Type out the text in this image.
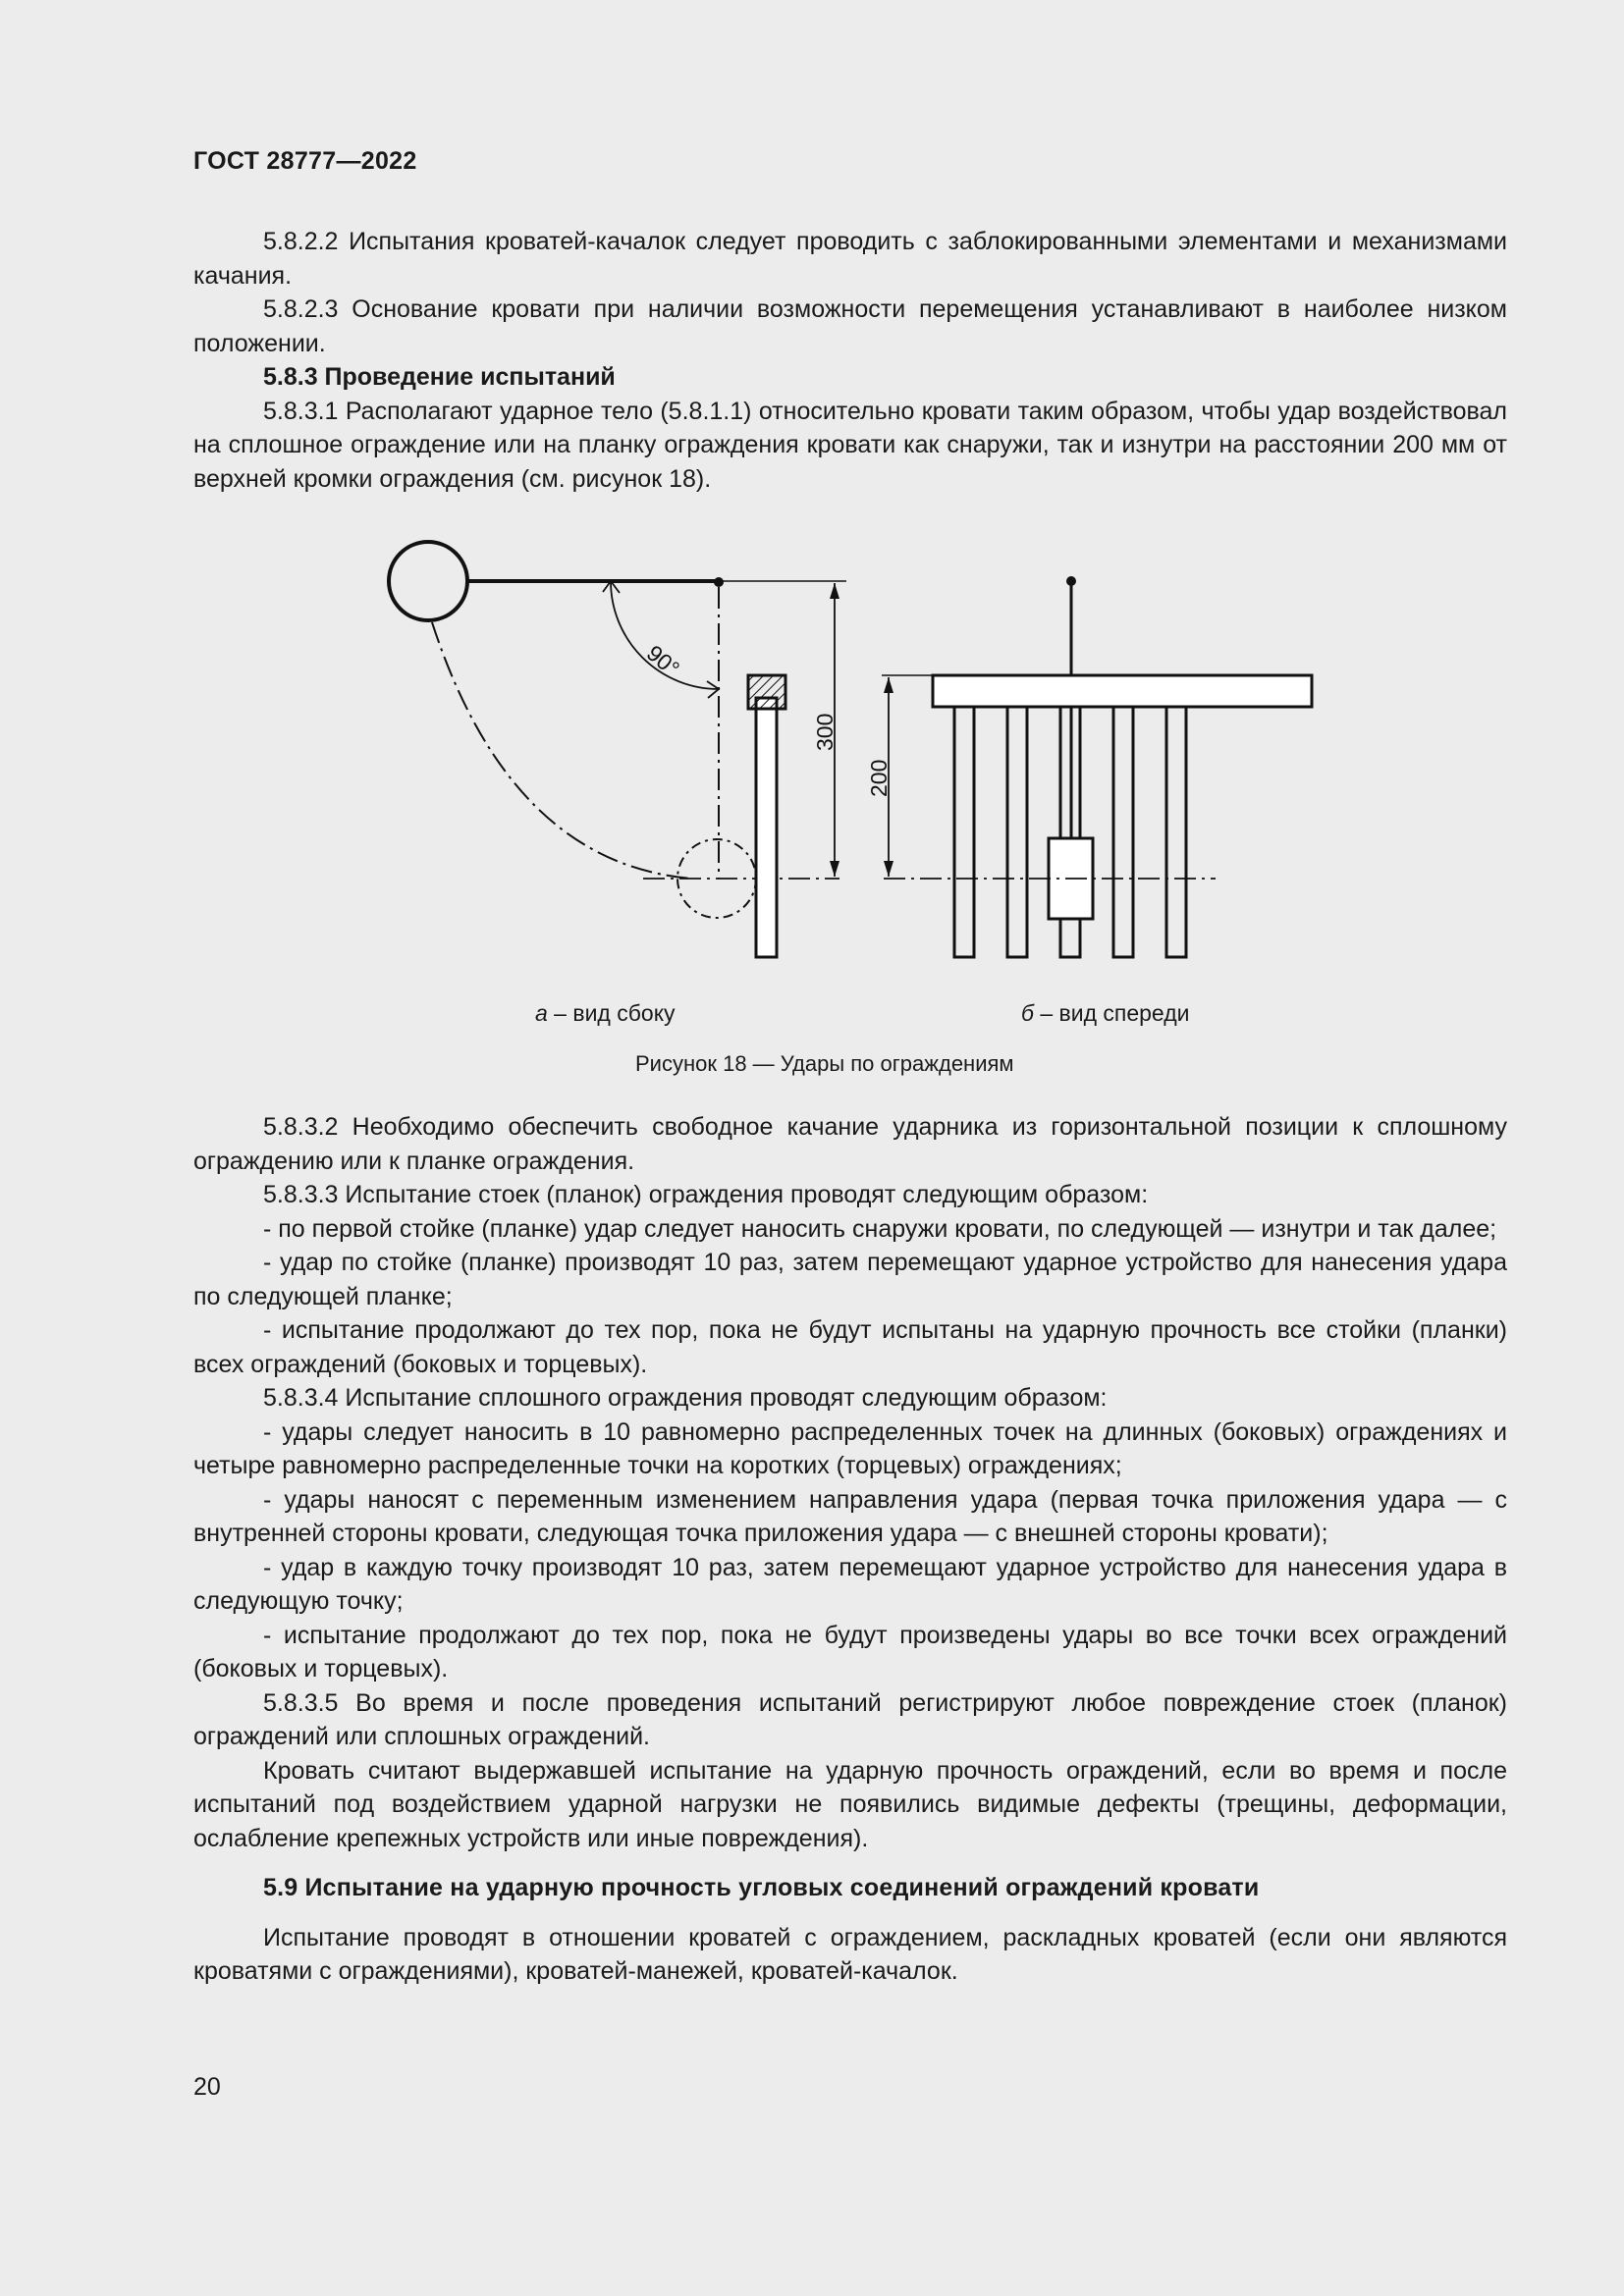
ГОСТ 28777—2022

5.8.2.2 Испытания кроватей-качалок следует проводить с заблокированными элементами и механизмами качания.

5.8.2.3 Основание кровати при наличии возможности перемещения устанавливают в наиболее низком положении.

5.8.3 Проведение испытаний

5.8.3.1 Располагают ударное тело (5.8.1.1) относительно кровати таким образом, чтобы удар воздействовал на сплошное ограждение или на планку ограждения кровати как снаружи, так и изнутри на расстоянии 200 мм от верхней кромки ограждения (см. рисунок 18).

90°
300
200
а – вид сбоку	б – вид спереди
Рисунок 18 — Удары по ограждениям

5.8.3.2 Необходимо обеспечить свободное качание ударника из горизонтальной позиции к сплошному ограждению или к планке ограждения.

5.8.3.3 Испытание стоек (планок) ограждения проводят следующим образом:

- по первой стойке (планке) удар следует наносить снаружи кровати, по следующей — изнутри и так далее;

- удар по стойке (планке) производят 10 раз, затем перемещают ударное устройство для нанесения удара по следующей планке;

- испытание продолжают до тех пор, пока не будут испытаны на ударную прочность все стойки (планки) всех ограждений (боковых и торцевых).

5.8.3.4 Испытание сплошного ограждения проводят следующим образом:

- удары следует наносить в 10 равномерно распределенных точек на длинных (боковых) ограждениях и четыре равномерно распределенные точки на коротких (торцевых) ограждениях;

- удары наносят с переменным изменением направления удара (первая точка приложения удара — с внутренней стороны кровати, следующая точка приложения удара — с внешней стороны кровати);

- удар в каждую точку производят 10 раз, затем перемещают ударное устройство для нанесения удара в следующую точку;

- испытание продолжают до тех пор, пока не будут произведены удары во все точки всех ограждений (боковых и торцевых).

5.8.3.5 Во время и после проведения испытаний регистрируют любое повреждение стоек (планок) ограждений или сплошных ограждений.

Кровать считают выдержавшей испытание на ударную прочность ограждений, если во время и после испытаний под воздействием ударной нагрузки не появились видимые дефекты (трещины, деформации, ослабление крепежных устройств или иные повреждения).

5.9 Испытание на ударную прочность угловых соединений ограждений кровати

Испытание проводят в отношении кроватей с ограждением, раскладных кроватей (если они являются кроватями с ограждениями), кроватей-манежей, кроватей-качалок.

20
